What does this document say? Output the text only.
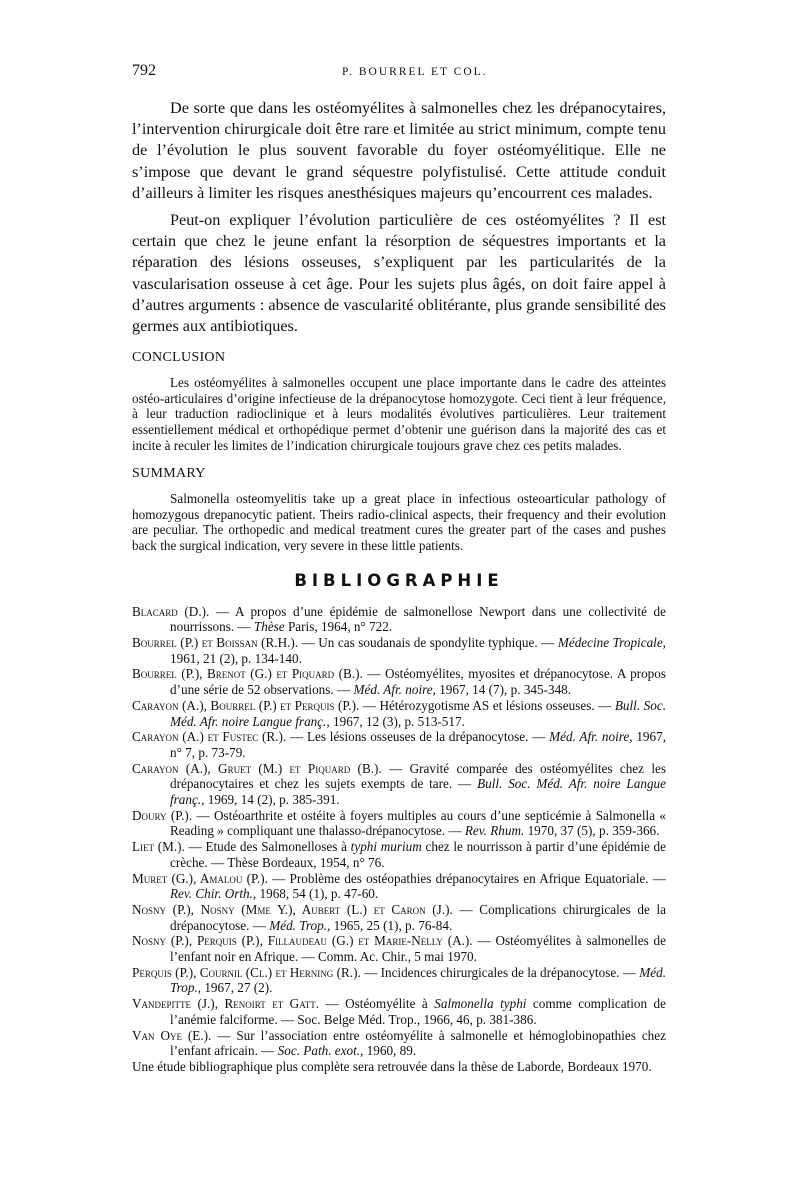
792	P. BOURREL ET COL.

De sorte que dans les ostéomyélites à salmonelles chez les drépanocytaires, l’intervention chirurgicale doit être rare et limitée au strict minimum, compte tenu de l’évolution le plus souvent favorable du foyer ostéomyélitique. Elle ne s’impose que devant le grand séquestre polyfistulisé. Cette attitude conduit d’ailleurs à limiter les risques anesthésiques majeurs qu’encourrent ces malades.

Peut-on expliquer l’évolution particulière de ces ostéomyélites ? Il est certain que chez le jeune enfant la résorption de séquestres importants et la réparation des lésions osseuses, s’expliquent par les particularités de la vascularisation osseuse à cet âge. Pour les sujets plus âgés, on doit faire appel à d’autres arguments : absence de vascularité oblitérante, plus grande sensibilité des germes aux antibiotiques.

CONCLUSION

Les ostéomyélites à salmonelles occupent une place importante dans le cadre des atteintes ostéo-articulaires d’origine infectieuse de la drépanocytose homozygote. Ceci tient à leur fréquence, à leur traduction radioclinique et à leurs modalités évolutives particulières. Leur traitement essentiellement médical et orthopédique permet d’obtenir une guérison dans la majorité des cas et incite à reculer les limites de l’indication chirurgicale toujours grave chez ces petits malades.

SUMMARY

Salmonella osteomyelitis take up a great place in infectious osteoarticular pathology of homozygous drepanocytic patient. Theirs radio-clinical aspects, their frequency and their evolution are peculiar. The orthopedic and medical treatment cures the greater part of the cases and pushes back the surgical indication, very severe in these little patients.

BIBLIOGRAPHIE

Blacard (D.). — A propos d’une épidémie de salmonellose Newport dans une collectivité de nourrissons. — Thèse Paris, 1964, n° 722.

Bourrel (P.) et Boissan (R.H.). — Un cas soudanais de spondylite typhique. — Médecine Tropicale, 1961, 21 (2), p. 134-140.

Bourrel (P.), Brenot (G.) et Piquard (B.). — Ostéomyélites, myosites et drépanocytose. A propos d’une série de 52 observations. — Méd. Afr. noire, 1967, 14 (7), p. 345-348.

Carayon (A.), Bourrel (P.) et Perquis (P.). — Hétérozygotisme AS et lésions osseuses. — Bull. Soc. Méd. Afr. noire Langue franç., 1967, 12 (3), p. 513-517.

Carayon (A.) et Fustec (R.). — Les lésions osseuses de la drépanocytose. — Méd. Afr. noire, 1967, n° 7, p. 73-79.

Carayon (A.), Gruet (M.) et Piquard (B.). — Gravité comparée des ostéomyélites chez les drépanocytaires et chez les sujets exempts de tare. — Bull. Soc. Méd. Afr. noire Langue franç., 1969, 14 (2), p. 385-391.

Doury (P.). — Ostéoarthrite et ostéite à foyers multiples au cours d’une septicémie à Salmonella « Reading » compliquant une thalasso-drépanocytose. — Rev. Rhum. 1970, 37 (5), p. 359-366.

Liet (M.). — Etude des Salmonelloses à typhi murium chez le nourrisson à partir d’une épidémie de crèche. — Thèse Bordeaux, 1954, n° 76.

Muret (G.), Amalou (P.). — Problème des ostéopathies drépanocytaires en Afrique Equatoriale. — Rev. Chir. Orth., 1968, 54 (1), p. 47-60.

Nosny (P.), Nosny (Mme Y.), Aubert (L.) et Caron (J.). — Complications chirurgicales de la drépanocytose. — Méd. Trop., 1965, 25 (1), p. 76-84.

Nosny (P.), Perquis (P.), Fillaudeau (G.) et Marie-Nelly (A.). — Ostéomyélites à salmonelles de l’enfant noir en Afrique. — Comm. Ac. Chir., 5 mai 1970.

Perquis (P.), Cournil (Cl.) et Herning (R.). — Incidences chirurgicales de la drépanocytose. — Méd. Trop., 1967, 27 (2).

Vandepitte (J.), Renoirt et Gatt. — Ostéomyélite à Salmonella typhi comme complication de l’anémie falciforme. — Soc. Belge Méd. Trop., 1966, 46, p. 381-386.

Van Oye (E.). — Sur l’association entre ostéomyélite à salmonelle et hémoglobinopathies chez l’enfant africain. — Soc. Path. exot., 1960, 89.

Une étude bibliographique plus complète sera retrouvée dans la thèse de Laborde, Bordeaux 1970.
